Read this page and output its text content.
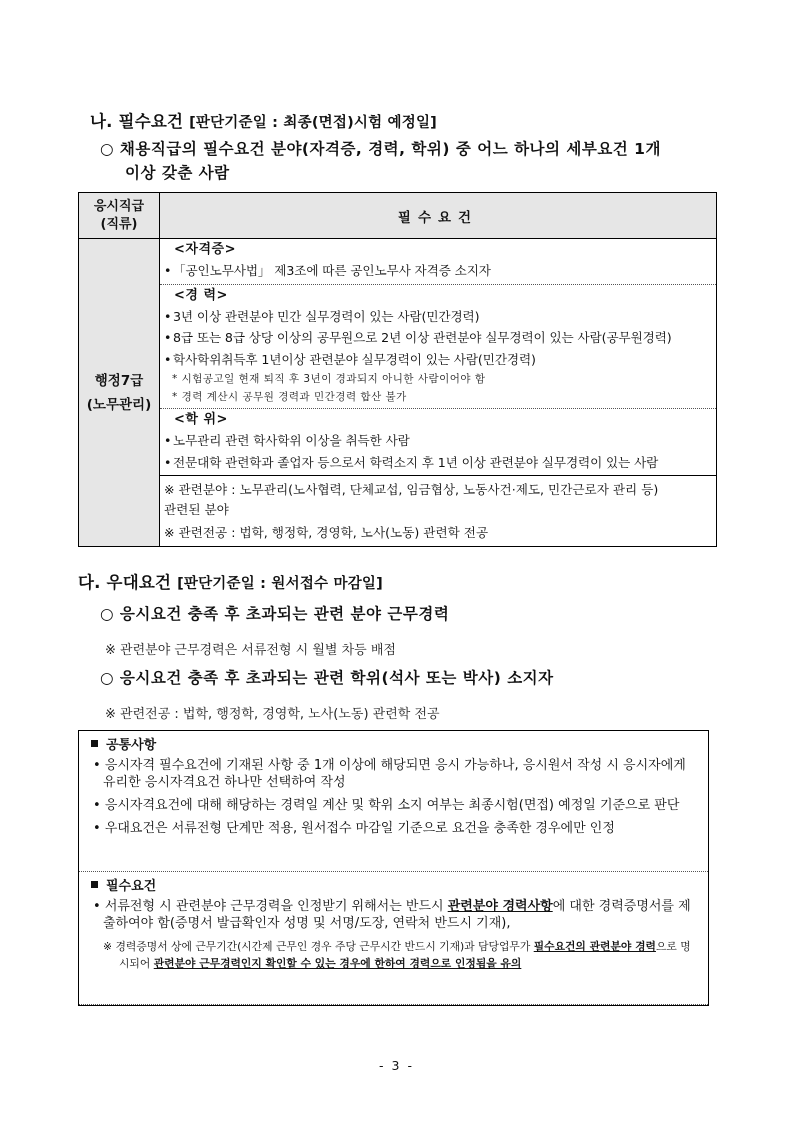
나. 필수요건 [판단기준일 : 최종(면접)시험 예정일]
○ 채용직급의 필수요건 분야(자격증, 경력, 학위) 중 어느 하나의 세부요건 1개
이상 갖춘 사람
응시직급
(직류)	필수요건
행정7급
(노무관리)
<자격증>
• 「공인노무사법」 제3조에 따른 공인노무사 자격증 소지자
<경 력>
• 3년 이상 관련분야 민간 실무경력이 있는 사람(민간경력)
• 8급 또는 8급 상당 이상의 공무원으로 2년 이상 관련분야 실무경력이 있는 사람(공무원경력)
• 학사학위취득후 1년이상 관련분야 실무경력이 있는 사람(민간경력)
* 시험공고일 현재 퇴직 후 3년이 경과되지 아니한 사람이어야 함
* 경력 계산시 공무원 경력과 민간경력 합산 불가
<학 위>
• 노무관리 관련 학사학위 이상을 취득한 사람
• 전문대학 관련학과 졸업자 등으로서 학력소지 후 1년 이상 관련분야 실무경력이 있는 사람
※ 관련분야 : 노무관리(노사협력, 단체교섭, 임금협상, 노동사건·제도, 민간근로자 관리 등)
관련된 분야
※ 관련전공 : 법학, 행정학, 경영학, 노사(노동) 관련학 전공
다. 우대요건 [판단기준일 : 원서접수 마감일]
○ 응시요건 충족 후 초과되는 관련 분야 근무경력
※ 관련분야 근무경력은 서류전형 시 월별 차등 배점
○ 응시요건 충족 후 초과되는 관련 학위(석사 또는 박사) 소지자
※ 관련전공 : 법학, 행정학, 경영학, 노사(노동) 관련학 전공
공통사항
• 응시자격 필수요건에 기재된 사항 중 1개 이상에 해당되면 응시 가능하나, 응시원서 작성 시 응시자에게 유리한 응시자격요건 하나만 선택하여 작성
• 응시자격요건에 대해 해당하는 경력일 계산 및 학위 소지 여부는 최종시험(면접) 예정일 기준으로 판단
• 우대요건은 서류전형 단계만 적용, 원서접수 마감일 기준으로 요건을 충족한 경우에만 인정
필수요건
• 서류전형 시 관련분야 근무경력을 인정받기 위해서는 반드시 관련분야 경력사항에 대한 경력증명서를 제출하여야 함(증명서 발급확인자 성명 및 서명/도장, 연락처 반드시 기재),
※ 경력증명서 상에 근무기간(시간제 근무인 경우 주당 근무시간 반드시 기재)과 담당업무가 필수요건의 관련분야 경력으로 명시되어 관련분야 근무경력인지 확인할 수 있는 경우에 한하여 경력으로 인정됨을 유의
- 3 -
